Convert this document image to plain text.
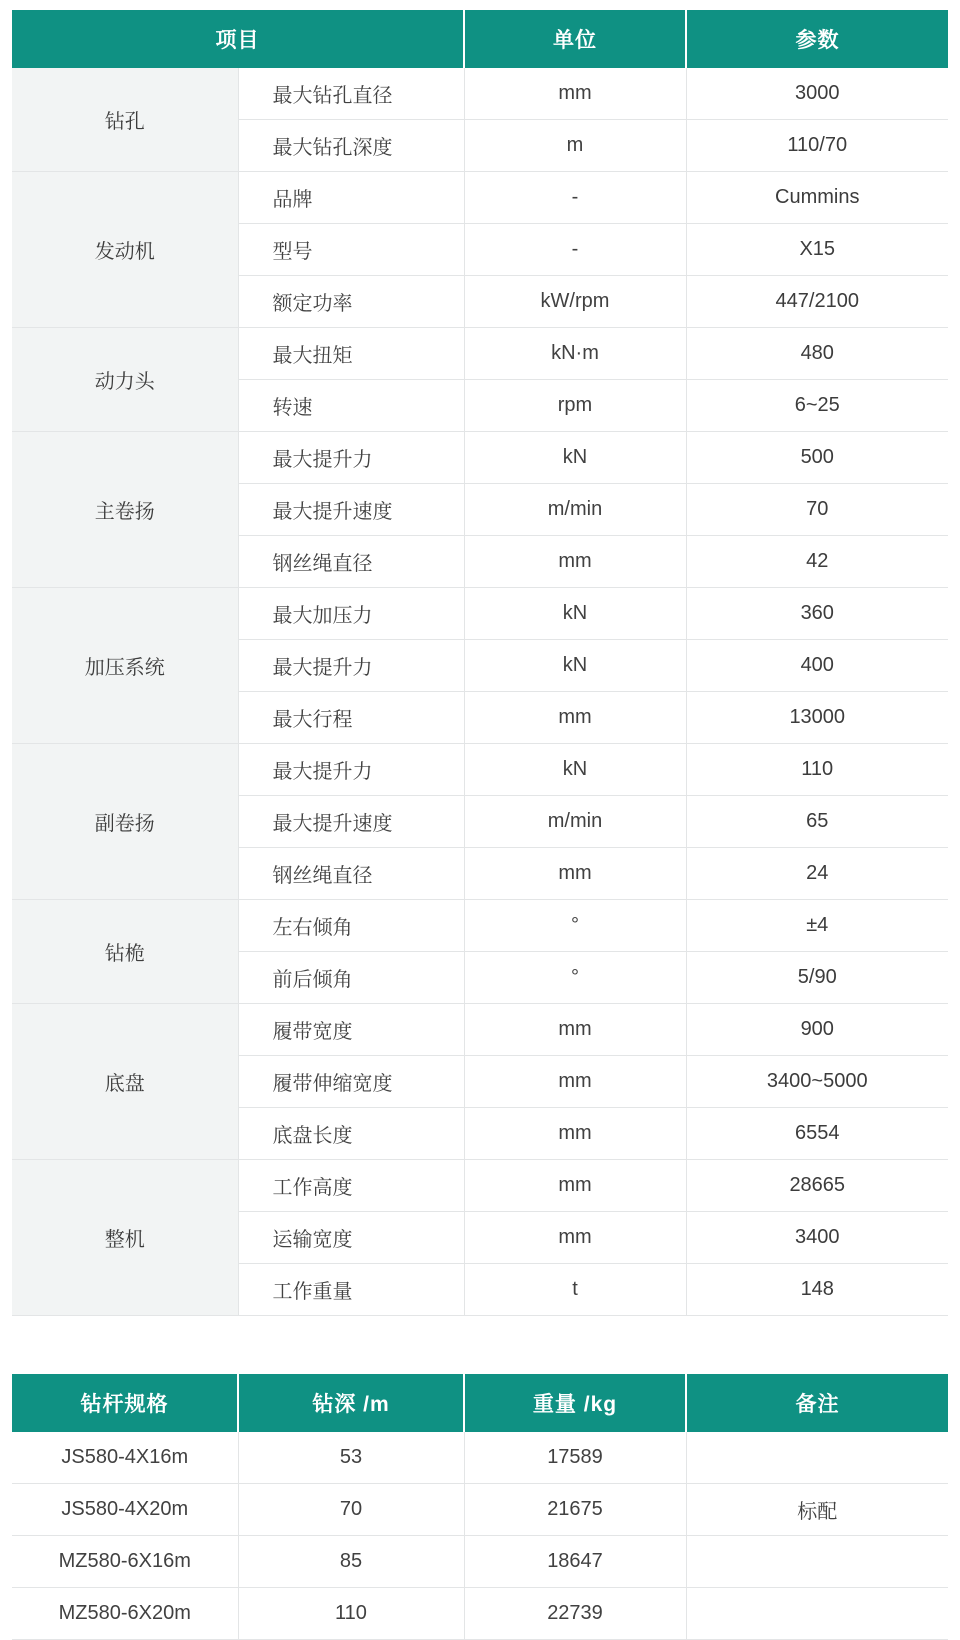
项目		单位	参数
钻孔	最大钻孔直径	mm	3000
	最大钻孔深度	m	110/70
发动机	品牌	-	Cummins
	型号	-	X15
	额定功率	kW/rpm	447/2100
动力头	最大扭矩	kN·m	480
	转速	rpm	6~25
主卷扬	最大提升力	kN	500
	最大提升速度	m/min	70
	钢丝绳直径	mm	42
加压系统	最大加压力	kN	360
	最大提升力	kN	400
	最大行程	mm	13000
副卷扬	最大提升力	kN	110
	最大提升速度	m/min	65
	钢丝绳直径	mm	24
钻桅	左右倾角	°	±4
	前后倾角	°	5/90
底盘	履带宽度	mm	900
	履带伸缩宽度	mm	3400~5000
	底盘长度	mm	6554
整机	工作高度	mm	28665
	运输宽度	mm	3400
	工作重量	t	148
钻杆规格	钻深 /m	重量 /kg	备注
JS580-4X16m	53	17589	
JS580-4X20m	70	21675	标配
MZ580-6X16m	85	18647	
MZ580-6X20m	110	22739	
